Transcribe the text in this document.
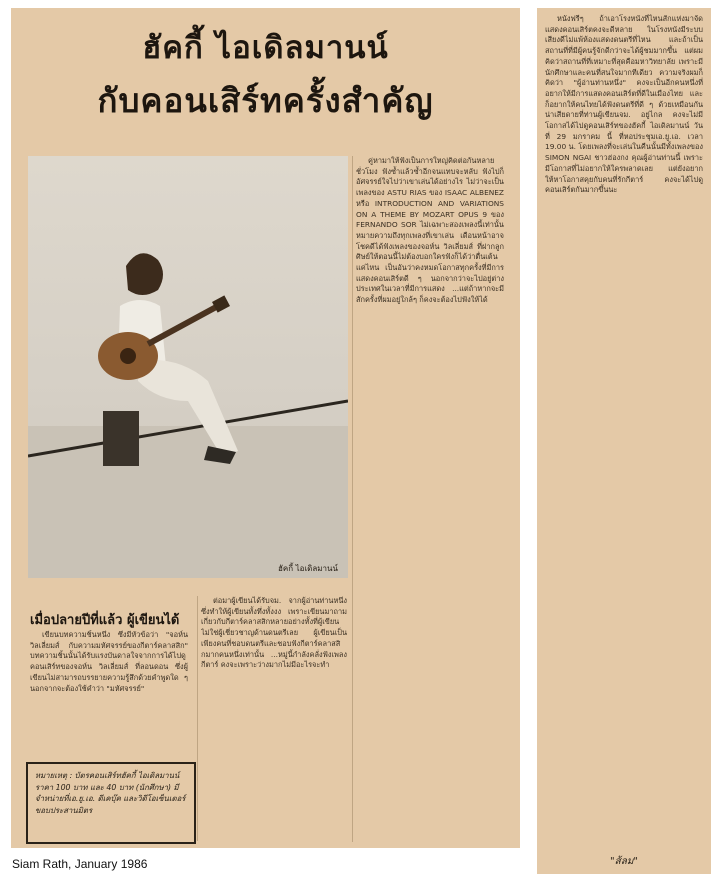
ฮัคกี้ ไอเดิลมานน์
กับคอนเสิร์ทครั้งสำคัญ
ฮัคกี้ ไอเดิลมานน์
เมื่อปลายปีที่แล้ว ผู้เขียนได้

เขียนบทความชิ้นหนึ่ง ซึ่งมีหัวข้อว่า "จอห์น วิลเลี่ยมส์ กับความมหัศจรรย์ของกีตาร์คลาสสิก" บทความชิ้นนั้นได้รับแรงบันดาลใจจากการได้ไปดูคอนเสิร์ทของจอห์น วิลเลี่ยมส์ ที่ลอนดอน ซึ่งผู้เขียนไม่สามารถบรรยายความรู้สึกด้วยคำพูดใด ๆ นอกจากจะต้องใช้คำว่า "มหัศจรรย์"

ต่อมาผู้เขียนได้รับจม. จากผู้อ่านท่านหนึ่ง ซึ่งทำให้ผู้เขียนทั้งทึ่งทั้งงง เพราะเขียนมาถามเกี่ยวกับกีตาร์คลาสสิกหลายอย่างทั้งที่ผู้เขียนไม่ใช่ผู้เชี่ยวชาญด้านดนตรีเลย ผู้เขียนเป็นเพียงคนที่ชอบดนตรีและชอบฟังกีตาร์คลาสสิกมากคนหนึ่งเท่านั้น ...หมู่นี้กำลังคลั่งฟังเพลงกีตาร์ คงจะเพราะว่างมากไม่มีอะไรจะทำ

คู่หามาให้ฟังเป็นการใหญ่คิดต่อกันหลายชั่วโมง ฟังซ้ำแล้วซ้ำอีกจนแทบจะหลับ ฟังไปก็อัศจรรย์ใจไปว่าเขาเล่นได้อย่างไร ไม่ว่าจะเป็นเพลงของ ASTU RIAS ของ ISAAC ALBENEZ หรือ INTRODUCTION AND VARIATIONS ON A THEME BY MOZART OPUS 9 ของ FERNANDO SOR ไม่เฉพาะสองเพลงนี้เท่านั้น หมายความถึงทุกเพลงที่เขาเล่น เดือนหน้าอาจโชคดีได้ฟังเพลงของจอห์น วิลเลี่ยมส์ ที่ฝากลูกศิษย์ให้ตอนนี้ไม่ต้องบอกใครฟังก็ได้ว่าตื่นเต้นแค่ไหน เป็นอันว่าคงหมดโอกาสทุกครั้งที่มีการแสดงคอนเสิร์ตดี ๆ นอกจากว่าจะไปอยู่ต่างประเทศในเวลาที่มีการแสดง ...แต่ถ้าหากจะมีสักครั้งที่ผมอยู่ใกล้ๆ ก็คงจะต้องไปฟังให้ได้

หมายเหตุ : บัตรคอนเสิร์ทฮัคกี้ ไอเดิลมานน์ ราคา 100 บาท และ 40 บาท (นักศึกษา) มีจำหน่ายที่เอ.ยู.เอ. ดีเคบุ๊ค และวิดีโอเซ็นเตอร์ ขอบประสานมิตร

หนังฟรีๆ ถ้าเอาโรงหนังที่ไหนสักแห่งมาจัดแสดงคอนเสิร์ตคงจะดีหลาย ในโรงหนังมีระบบเสียงดีไม่แพ้ห้องแสดงดนตรีที่ไหน และถ้าเป็นสถานที่ที่มีผู้คนรู้จักดีกว่าจะได้ผู้ชมมากขึ้น แต่ผมคิดว่าสถานที่ที่เหมาะที่สุดคือมหาวิทยาลัย เพราะมีนักศึกษาและคนที่สนใจมากทีเดียว ความจริงผมก็คิดว่า "ผู้อ่านท่านหนึ่ง" คงจะเป็นอีกคนหนึ่งที่อยากให้มีการแสดงคอนเสิร์ตที่ดีในเมืองไทย และก็อยากให้คนไทยได้ฟังดนตรีที่ดี ๆ ด้วยเหมือนกัน น่าเสียดายที่ท่านผู้เขียนจม. อยู่ไกล คงจะไม่มีโอกาสได้ไปดูคอนเสิร์ทของฮัคกี้ ไอเดิลมานน์ วันที่ 29 มกราคม นี้ ที่หอประชุมเอ.ยู.เอ. เวลา 19.00 น. โดยเพลงที่จะเล่นในคืนนั้นมีทั้งเพลงของ SIMON NGAI ชาวฮ่องกง คุณผู้อ่านท่านนี้ เพราะมีโอกาสที่ไม่อยากให้ใครพลาดเลย แต่ยังอยากให้หาโอกาสคุยกับคนที่รักกีตาร์ คงจะได้ไปดูคอนเสิร์ตกันมากขึ้นนะ

"ส้ลม"
Siam Rath, January 1986
